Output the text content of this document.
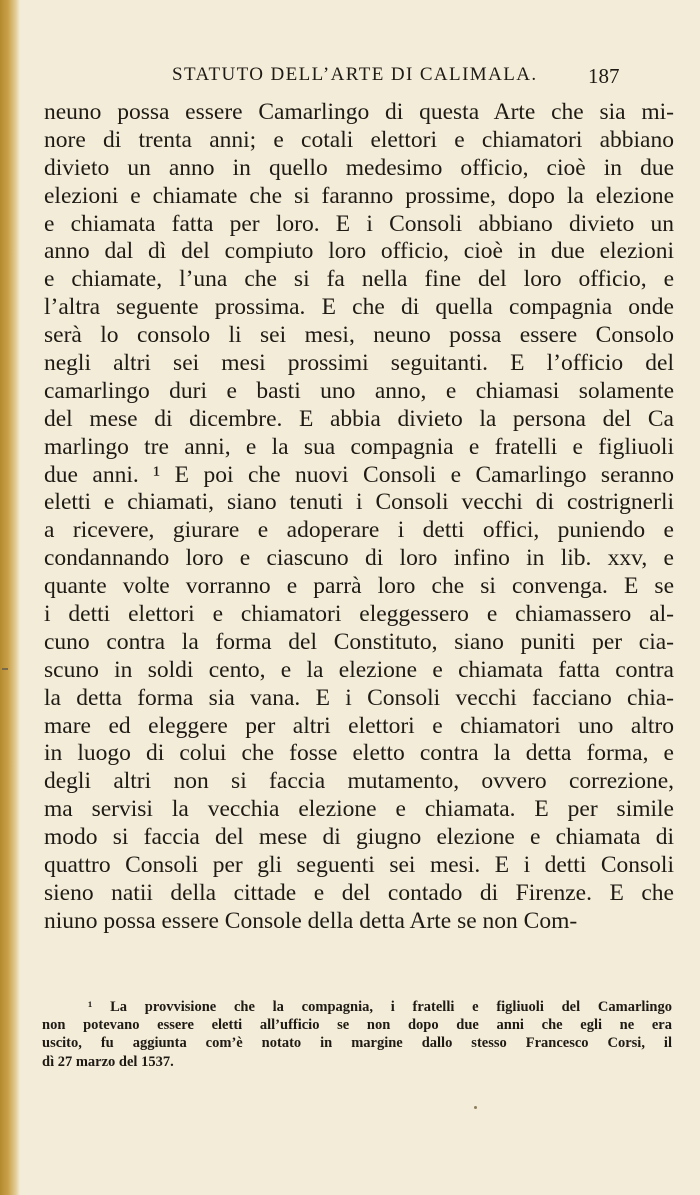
STATUTO DELL’ARTE DI CALIMALA. 187
neuno possa essere Camarlingo di questa Arte che sia mi-
nore di trenta anni; e cotali elettori e chiamatori abbiano
divieto un anno in quello medesimo officio, cioè in due
elezioni e chiamate che si faranno prossime, dopo la elezione
e chiamata fatta per loro. E i Consoli abbiano divieto un
anno dal dì del compiuto loro officio, cioè in due elezioni
e chiamate, l’una che si fa nella fine del loro officio, e
l’altra seguente prossima. E che di quella compagnia onde
serà lo consolo li sei mesi, neuno possa essere Consolo
negli altri sei mesi prossimi seguitanti. E l’officio del
camarlingo duri e basti uno anno, e chiamasi solamente
del mese di dicembre. E abbia divieto la persona del Ca
marlingo tre anni, e la sua compagnia e fratelli e figliuoli
due anni. ¹ E poi che nuovi Consoli e Camarlingo seranno
eletti e chiamati, siano tenuti i Consoli vecchi di costrignerli
a ricevere, giurare e adoperare i detti offici, puniendo e
condannando loro e ciascuno di loro infino in lib. xxv, e
quante volte vorranno e parrà loro che si convenga. E se
i detti elettori e chiamatori eleggessero e chiamassero al-
cuno contra la forma del Constituto, siano puniti per cia-
scuno in soldi cento, e la elezione e chiamata fatta contra
la detta forma sia vana. E i Consoli vecchi facciano chia-
mare ed eleggere per altri elettori e chiamatori uno altro
in luogo di colui che fosse eletto contra la detta forma, e
degli altri non si faccia mutamento, ovvero correzione,
ma servisi la vecchia elezione e chiamata. E per simile
modo si faccia del mese di giugno elezione e chiamata di
quattro Consoli per gli seguenti sei mesi. E i detti Consoli
sieno natii della cittade e del contado di Firenze. E che
niuno possa essere Console della detta Arte se non Com-
¹ La provvisione che la compagnia, i fratelli e figliuoli del Camarlingo
non potevano essere eletti all’ufficio se non dopo due anni che egli ne era
uscito, fu aggiunta com’è notato in margine dallo stesso Francesco Corsi, il
dì 27 marzo del 1537.
